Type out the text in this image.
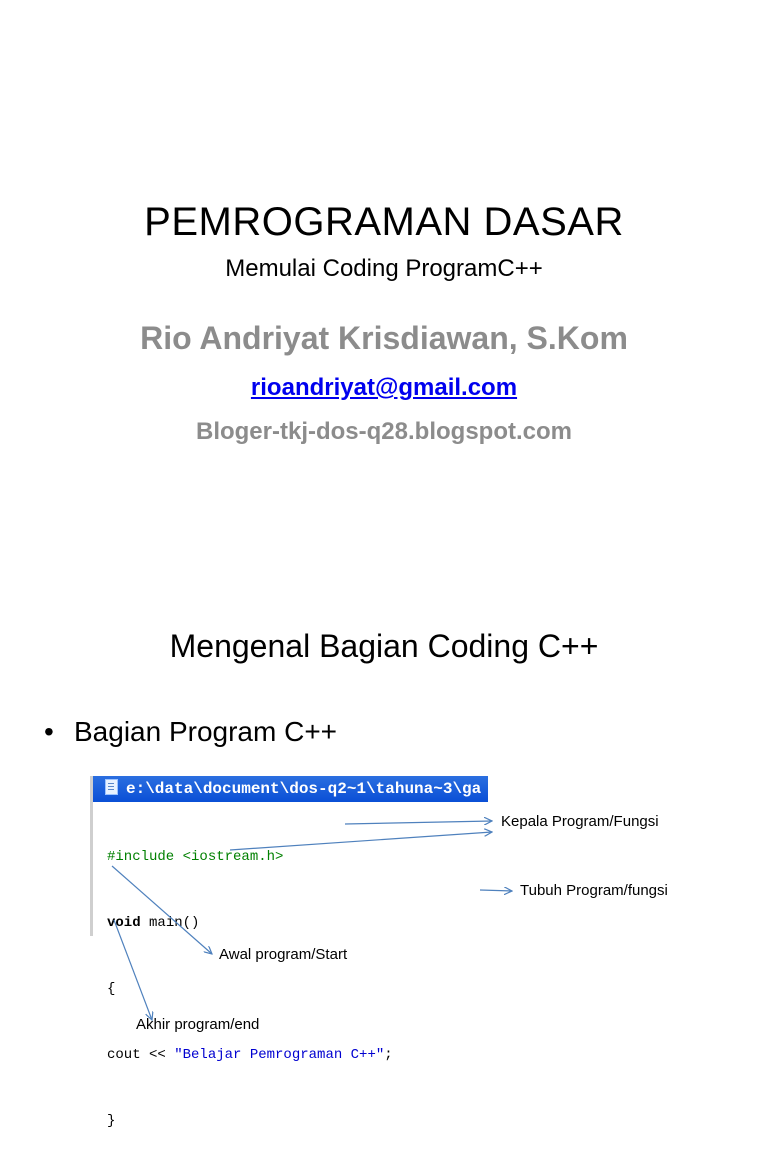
PEMROGRAMAN DASAR
Memulai Coding ProgramC++
Rio Andriyat Krisdiawan, S.Kom
rioandriyat@gmail.com
Bloger-tkj-dos-q28.blogspot.com
Mengenal Bagian Coding C++
• Bagian Program C++
e:\data\document\dos-q2~1\tahuna~3\ga

#include <iostream.h>

void main()

{

cout << "Belajar Pemrograman C++";

}

Kepala Program/Fungsi
Tubuh Program/fungsi
Awal program/Start
Akhir program/end
